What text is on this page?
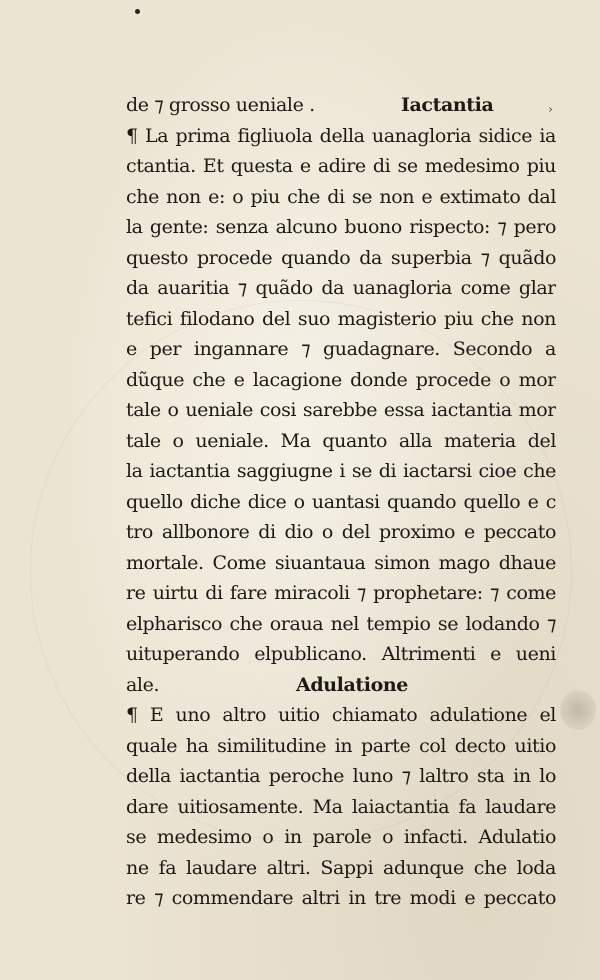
›
de ⁊ grosso ueniale .	Iactantia
¶ La prima figliuola della uanagloria sidice ia
ctantia. Et questa e adire di se medesimo piu
che non e: o piu che di se non e extimato dal
la gente: senza alcuno buono rispecto: ⁊ pero
questo procede quando da superbia ⁊ quãdo
da auaritia ⁊ quãdo da uanagloria come glar
tefici filodano del suo magisterio piu che non
e per ingannare ⁊ guadagnare. Secondo a
dũque che e lacagione donde procede o mor
tale o ueniale cosi sarebbe essa iactantia mor
tale o ueniale. Ma quanto alla materia del
la iactantia saggiugne i se di iactarsi cioe che
quello diche dice o uantasi quando quello e c
tro allbonore di dio o del proximo e peccato
mortale. Come siuantaua simon mago dhaue
re uirtu di fare miracoli ⁊ prophetare: ⁊ come
elpharisco che oraua nel tempio se lodando ⁊
uituperando elpublicano. Altrimenti e ueni
ale.	Adulatione
¶ E uno altro uitio chiamato adulatione el
quale ha similitudine in parte col decto uitio
della iactantia peroche luno ⁊ laltro sta in lo
dare uitiosamente. Ma laiactantia fa laudare
se medesimo o in parole o infacti. Adulatio
ne fa laudare altri. Sappi adunque che loda
re ⁊ commendare altri in tre modi e peccato
